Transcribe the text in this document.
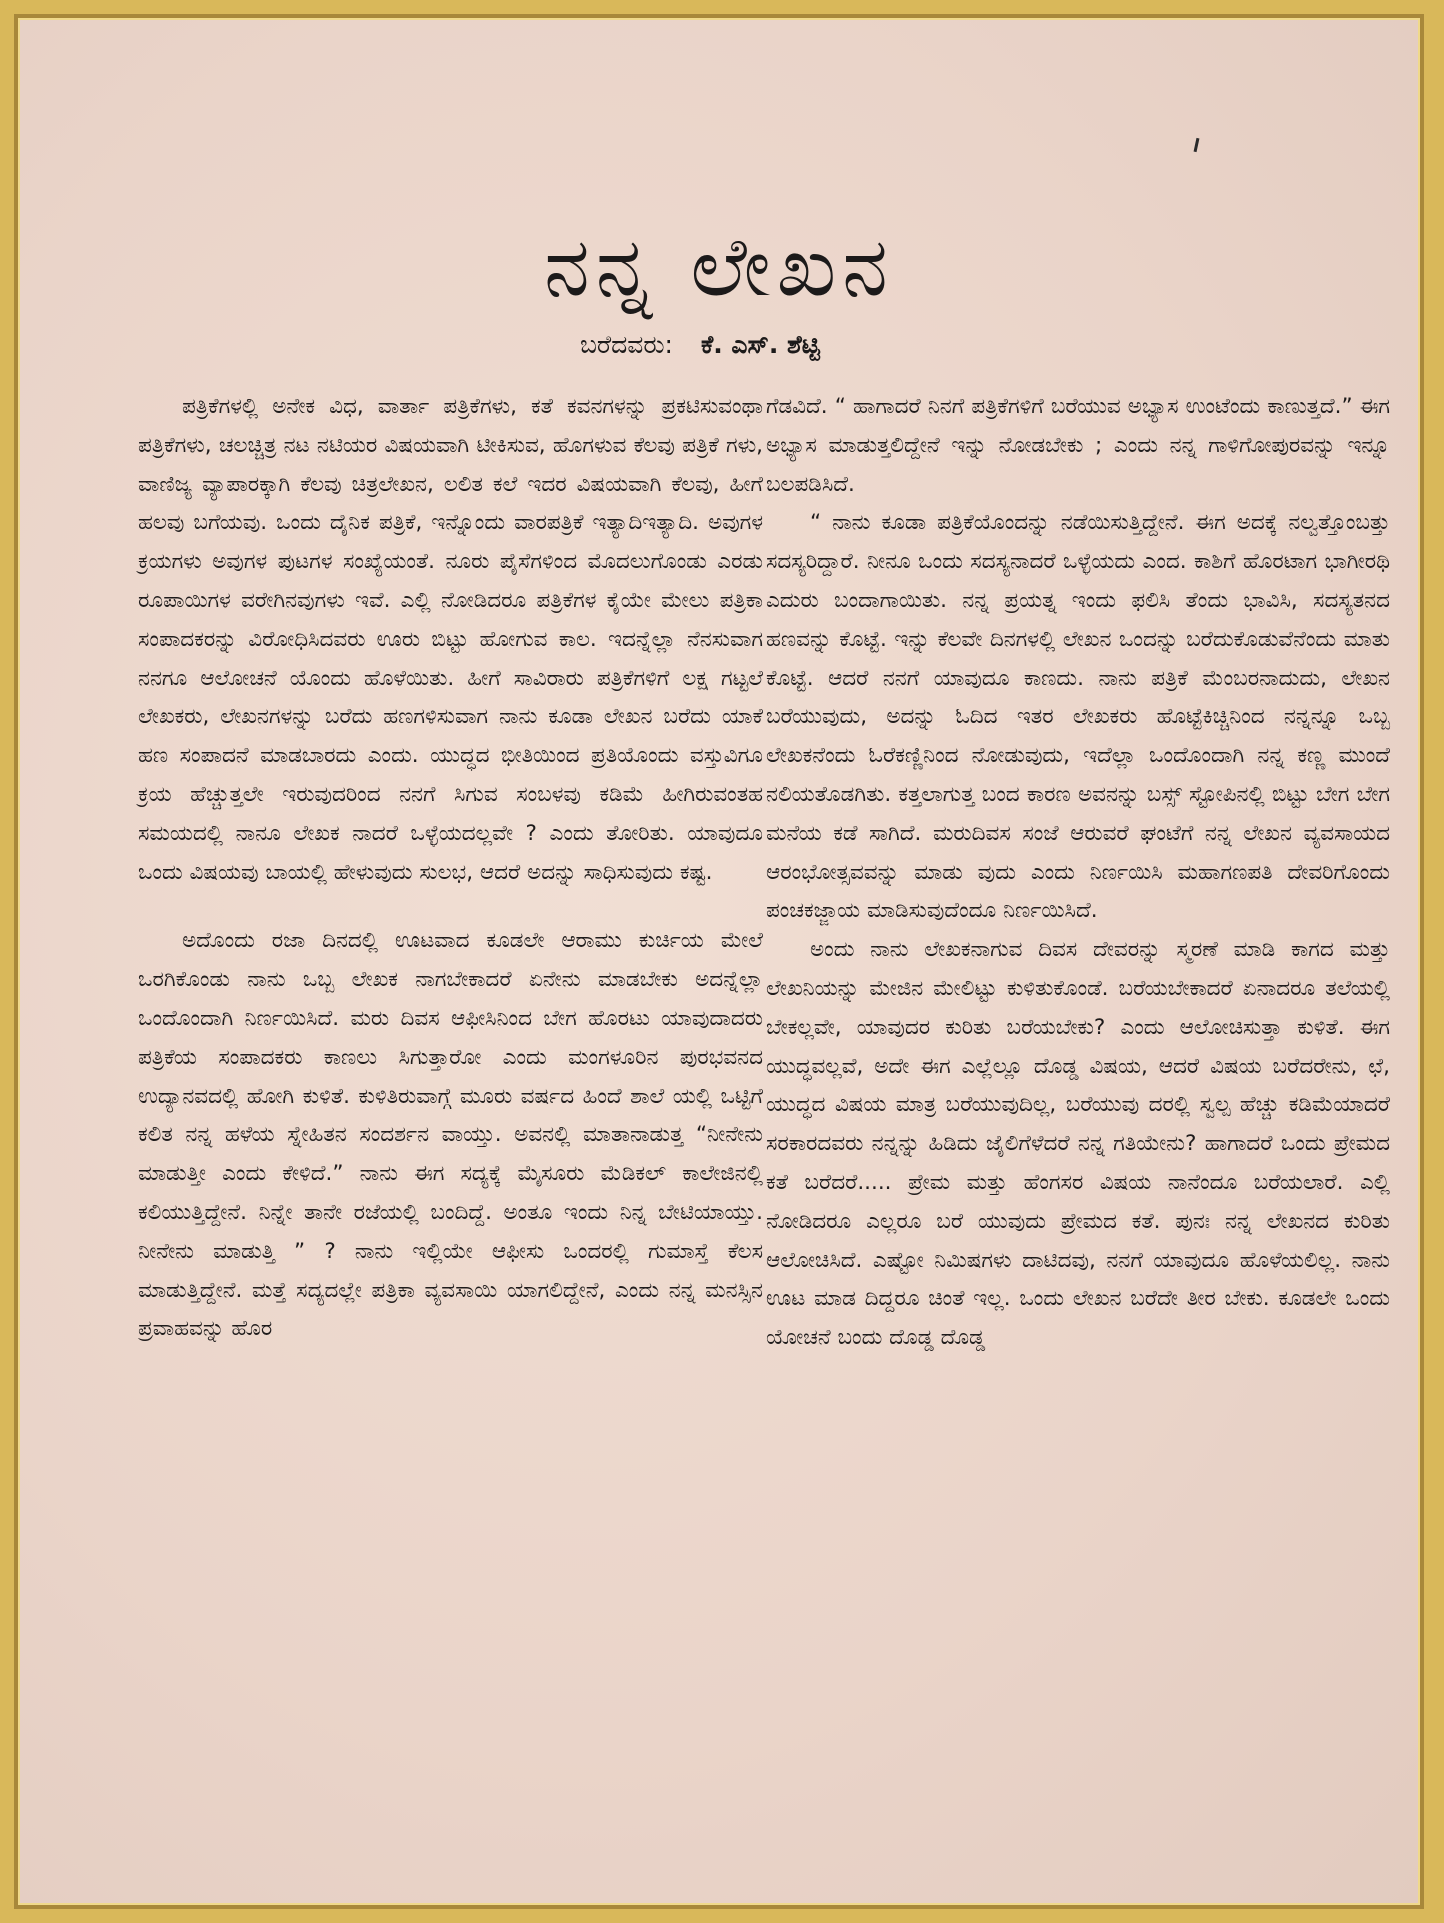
ನನ್ನ ಲೇಖನ
ಬರೆದವರು: ಕೆ. ಎಸ್. ಶೆಟ್ಟಿ

ಪತ್ರಿಕೆಗಳಲ್ಲಿ ಅನೇಕ ವಿಧ, ವಾರ್ತಾ ಪತ್ರಿಕೆಗಳು, ಕತೆ ಕವನಗಳನ್ನು ಪ್ರಕಟಿಸುವಂಥಾ ಪತ್ರಿಕೆಗಳು, ಚಲಚ್ಚಿತ್ರ ನಟ ನಟಿಯರ ವಿಷಯವಾಗಿ ಟೀಕಿಸುವ, ಹೊಗಳುವ ಕೆಲವು ಪತ್ರಿಕೆ ಗಳು, ವಾಣಿಜ್ಯ ವ್ಯಾಪಾರಕ್ಕಾಗಿ ಕೆಲವು ಚಿತ್ರಲೇಖನ, ಲಲಿತ ಕಲೆ ಇದರ ವಿಷಯವಾಗಿ ಕೆಲವು, ಹೀಗೆ ಹಲವು ಬಗೆಯವು. ಒಂದು ದೈನಿಕ ಪತ್ರಿಕೆ, ಇನ್ನೊಂದು ವಾರಪತ್ರಿಕೆ ಇತ್ಯಾದಿಇತ್ಯಾದಿ. ಅವುಗಳ ಕ್ರಯಗಳು ಅವುಗಳ ಪುಟಗಳ ಸಂಖ್ಯೆಯಂತೆ. ನೂರು ಪೈಸೆಗಳಿಂದ ಮೊದಲುಗೊಂಡು ಎರಡು ರೂಪಾಯಿಗಳ ವರೇಗಿನವುಗಳು ಇವೆ. ಎಲ್ಲಿ ನೋಡಿದರೂ ಪತ್ರಿಕೆಗಳ ಕೈಯೇ ಮೇಲು ಪತ್ರಿಕಾ ಸಂಪಾದಕರನ್ನು ವಿರೋಧಿಸಿದವರು ಊರು ಬಿಟ್ಟು ಹೋಗುವ ಕಾಲ. ಇದನ್ನೆಲ್ಲಾ ನೆನಸುವಾಗ ನನಗೂ ಆಲೋಚನೆ ಯೊಂದು ಹೊಳೆಯಿತು. ಹೀಗೆ ಸಾವಿರಾರು ಪತ್ರಿಕೆಗಳಿಗೆ ಲಕ್ಷ ಗಟ್ಟಲೆ ಲೇಖಕರು, ಲೇಖನಗಳನ್ನು ಬರೆದು ಹಣಗಳಿಸುವಾಗ ನಾನು ಕೂಡಾ ಲೇಖನ ಬರೆದು ಯಾಕೆ ಹಣ ಸಂಪಾದನೆ ಮಾಡಬಾರದು ಎಂದು. ಯುದ್ಧದ ಭೀತಿಯಿಂದ ಪ್ರತಿಯೊಂದು ವಸ್ತುವಿಗೂ ಕ್ರಯ ಹೆಚ್ಚುತ್ತಲೇ ಇರುವುದರಿಂದ ನನಗೆ ಸಿಗುವ ಸಂಬಳವು ಕಡಿಮೆ ಹೀಗಿರುವಂತಹ ಸಮಯದಲ್ಲಿ ನಾನೂ ಲೇಖಕ ನಾದರೆ ಒಳ್ಳೆಯದಲ್ಲವೇ ? ಎಂದು ತೋರಿತು. ಯಾವುದೂ ಒಂದು ವಿಷಯವು ಬಾಯಲ್ಲಿ ಹೇಳುವುದು ಸುಲಭ, ಆದರೆ ಅದನ್ನು ಸಾಧಿಸುವುದು ಕಷ್ಟ.

ಅದೊಂದು ರಜಾ ದಿನದಲ್ಲಿ ಊಟವಾದ ಕೂಡಲೇ ಆರಾಮು ಕುರ್ಚಿಯ ಮೇಲೆ ಒರಗಿಕೊಂಡು ನಾನು ಒಬ್ಬ ಲೇಖಕ ನಾಗಬೇಕಾದರೆ ಏನೇನು ಮಾಡಬೇಕು ಅದನ್ನೆಲ್ಲಾ ಒಂದೊಂದಾಗಿ ನಿರ್ಣಯಿಸಿದೆ. ಮರು ದಿವಸ ಆಫೀಸಿನಿಂದ ಬೇಗ ಹೊರಟು ಯಾವುದಾದರು ಪತ್ರಿಕೆಯ ಸಂಪಾದಕರು ಕಾಣಲು ಸಿಗುತ್ತಾರೋ ಎಂದು ಮಂಗಳೂರಿನ ಪುರಭವನದ ಉದ್ಯಾನವದಲ್ಲಿ ಹೋಗಿ ಕುಳಿತೆ. ಕುಳಿತಿರುವಾಗ್ಗೆ ಮೂರು ವರ್ಷದ ಹಿಂದೆ ಶಾಲೆ ಯಲ್ಲಿ ಒಟ್ಟಿಗೆ ಕಲಿತ ನನ್ನ ಹಳೆಯ ಸ್ನೇಹಿತನ ಸಂದರ್ಶನ ವಾಯ್ತು. ಅವನಲ್ಲಿ ಮಾತಾನಾಡುತ್ತ “ನೀನೇನು ಮಾಡುತ್ತೀ ಎಂದು ಕೇಳಿದೆ.” ನಾನು ಈಗ ಸದ್ಯಕ್ಕೆ ಮೈಸೂರು ಮೆಡಿಕಲ್ ಕಾಲೇಜಿನಲ್ಲಿ ಕಲಿಯುತ್ತಿದ್ದೇನೆ. ನಿನ್ನೇ ತಾನೇ ರಜೆಯಲ್ಲಿ ಬಂದಿದ್ದೆ. ಅಂತೂ ಇಂದು ನಿನ್ನ ಬೇಟಿಯಾಯ್ತು. ನೀನೇನು ಮಾಡುತ್ತಿ ” ? ನಾನು ಇಲ್ಲಿಯೇ ಆಫೀಸು ಒಂದರಲ್ಲಿ ಗುಮಾಸ್ತೆ ಕೆಲಸ ಮಾಡುತ್ತಿದ್ದೇನೆ. ಮತ್ತೆ ಸದ್ಯದಲ್ಲೇ ಪತ್ರಿಕಾ ವ್ಯವಸಾಯಿ ಯಾಗಲಿದ್ದೇನೆ, ಎಂದು ನನ್ನ ಮನಸ್ಸಿನ ಪ್ರವಾಹವನ್ನು ಹೊರ

ಗೆಡವಿದೆ. “ ಹಾಗಾದರೆ ನಿನಗೆ ಪತ್ರಿಕೆಗಳಿಗೆ ಬರೆಯುವ ಅಭ್ಯಾಸ ಉಂಟೆಂದು ಕಾಣುತ್ತದೆ.” ಈಗ ಅಭ್ಯಾಸ ಮಾಡುತ್ತಲಿದ್ದೇನೆ ಇನ್ನು ನೋಡಬೇಕು ; ಎಂದು ನನ್ನ ಗಾಳಿಗೋಪುರವನ್ನು ಇನ್ನೂ ಬಲಪಡಿಸಿದೆ.

“ ನಾನು ಕೂಡಾ ಪತ್ರಿಕೆಯೊಂದನ್ನು ನಡೆಯಿಸುತ್ತಿದ್ದೇನೆ. ಈಗ ಅದಕ್ಕೆ ನಲ್ವತ್ತೊಂಬತ್ತು ಸದಸ್ಯರಿದ್ದಾರೆ. ನೀನೂ ಒಂದು ಸದಸ್ಯನಾದರೆ ಒಳ್ಳೆಯದು ಎಂದ. ಕಾಶಿಗೆ ಹೊರಟಾಗ ಭಾಗೀರಥಿ ಎದುರು ಬಂದಾಗಾಯಿತು. ನನ್ನ ಪ್ರಯತ್ನ ಇಂದು ಫಲಿಸಿ ತೆಂದು ಭಾವಿಸಿ, ಸದಸ್ಯತನದ ಹಣವನ್ನು ಕೊಟ್ಟೆ. ಇನ್ನು ಕೆಲವೇ ದಿನಗಳಲ್ಲಿ ಲೇಖನ ಒಂದನ್ನು ಬರೆದುಕೊಡುವೆನೆಂದು ಮಾತು ಕೊಟ್ಟೆ. ಆದರೆ ನನಗೆ ಯಾವುದೂ ಕಾಣದು. ನಾನು ಪತ್ರಿಕೆ ಮೆಂಬರನಾದುದು, ಲೇಖನ ಬರೆಯುವುದು, ಅದನ್ನು ಓದಿದ ಇತರ ಲೇಖಕರು ಹೊಟ್ಟೆಕಿಚ್ಚಿನಿಂದ ನನ್ನನ್ನೂ ಒಬ್ಬ ಲೇಖಕನೆಂದು ಓರೆಕಣ್ಣಿನಿಂದ ನೋಡುವುದು, ಇದೆಲ್ಲಾ ಒಂದೊಂದಾಗಿ ನನ್ನ ಕಣ್ಣ ಮುಂದೆ ನಲಿಯತೊಡಗಿತು. ಕತ್ತಲಾಗುತ್ತ ಬಂದ ಕಾರಣ ಅವನನ್ನು ಬಸ್ಸ್ ಸ್ಟೋಪಿನಲ್ಲಿ ಬಿಟ್ಟು ಬೇಗ ಬೇಗ ಮನೆಯ ಕಡೆ ಸಾಗಿದೆ. ಮರುದಿವಸ ಸಂಜೆ ಆರುವರೆ ಘಂಟೆಗೆ ನನ್ನ ಲೇಖನ ವ್ಯವಸಾಯದ ಆರಂಭೋತ್ಸವವನ್ನು ಮಾಡು ವುದು ಎಂದು ನಿರ್ಣಯಿಸಿ ಮಹಾಗಣಪತಿ ದೇವರಿಗೊಂದು ಪಂಚಕಜ್ಜಾಯ ಮಾಡಿಸುವುದೆಂದೂ ನಿರ್ಣಯಿಸಿದೆ.

ಅಂದು ನಾನು ಲೇಖಕನಾಗುವ ದಿವಸ ದೇವರನ್ನು ಸ್ಮರಣೆ ಮಾಡಿ ಕಾಗದ ಮತ್ತು ಲೇಖನಿಯನ್ನು ಮೇಜಿನ ಮೇಲಿಟ್ಟು ಕುಳಿತುಕೊಂಡೆ. ಬರೆಯಬೇಕಾದರೆ ಏನಾದರೂ ತಲೆಯಲ್ಲಿ ಬೇಕಲ್ಲವೇ, ಯಾವುದರ ಕುರಿತು ಬರೆಯಬೇಕು? ಎಂದು ಆಲೋಚಿಸುತ್ತಾ ಕುಳಿತೆ. ಈಗ ಯುದ್ಧವಲ್ಲವೆ, ಅದೇ ಈಗ ಎಲ್ಲೆಲ್ಲೂ ದೊಡ್ಡ ವಿಷಯ, ಆದರೆ ವಿಷಯ ಬರೆದರೇನು, ಛೆ, ಯುದ್ಧದ ವಿಷಯ ಮಾತ್ರ ಬರೆಯುವುದಿಲ್ಲ, ಬರೆಯುವು ದರಲ್ಲಿ ಸ್ವಲ್ಪ ಹೆಚ್ಚು ಕಡಿಮೆಯಾದರೆ ಸರಕಾರದವರು ನನ್ನನ್ನು ಹಿಡಿದು ಜೈಲಿಗೆಳೆದರೆ ನನ್ನ ಗತಿಯೇನು? ಹಾಗಾದರೆ ಒಂದು ಪ್ರೇಮದ ಕತೆ ಬರೆದರೆ..... ಪ್ರೇಮ ಮತ್ತು ಹೆಂಗಸರ ವಿಷಯ ನಾನೆಂದೂ ಬರೆಯಲಾರೆ. ಎಲ್ಲಿ ನೋಡಿದರೂ ಎಲ್ಲರೂ ಬರೆ ಯುವುದು ಪ್ರೇಮದ ಕತೆ. ಪುನಃ ನನ್ನ ಲೇಖನದ ಕುರಿತು ಆಲೋಚಿಸಿದೆ. ಎಷ್ಟೋ ನಿಮಿಷಗಳು ದಾಟಿದವು, ನನಗೆ ಯಾವುದೂ ಹೊಳೆಯಲಿಲ್ಲ. ನಾನು ಊಟ ಮಾಡ ದಿದ್ದರೂ ಚಿಂತೆ ಇಲ್ಲ. ಒಂದು ಲೇಖನ ಬರೆದೇ ತೀರ ಬೇಕು. ಕೂಡಲೇ ಒಂದು ಯೋಚನೆ ಬಂದು ದೊಡ್ಡ ದೊಡ್ಡ
